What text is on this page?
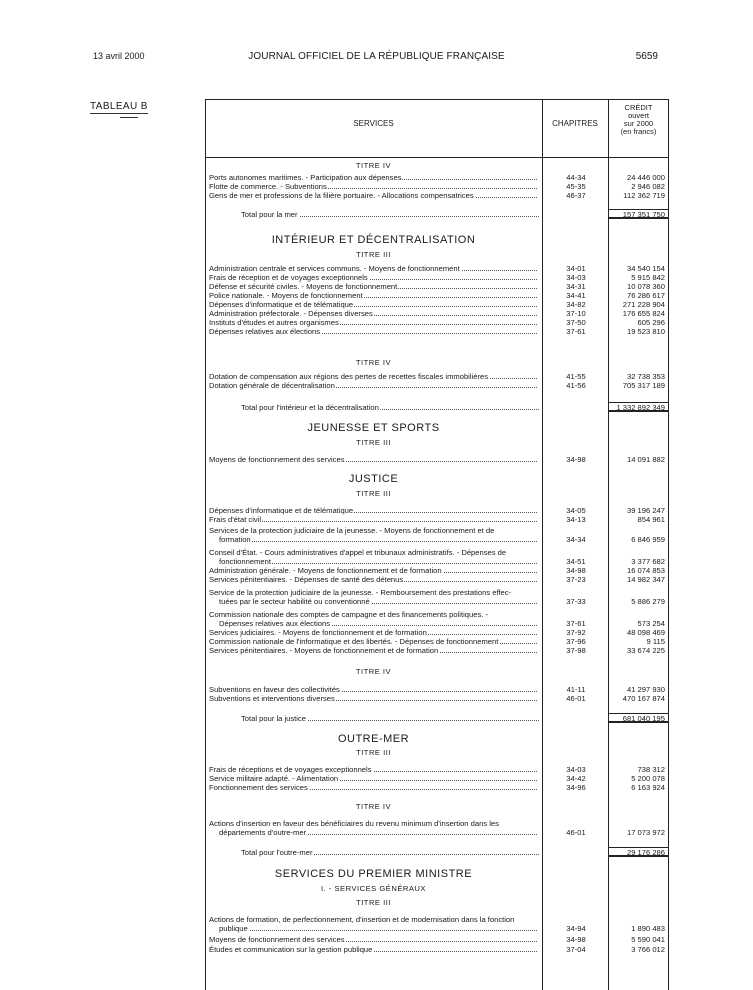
13 avril 2000	JOURNAL OFFICIEL DE LA RÉPUBLIQUE FRANÇAISE	5659
TABLEAU B
SERVICES	CHAPITRES
CRÉDIT
ouvert
sur 2000
(en francs)
TITRE IV
Ports autonomes maritimes. - Participation aux dépenses	44-34	24 446 000
Flotte de commerce. - Subventions	45-35	2 946 082
Gens de mer et professions de la filière portuaire. - Allocations compensatrices	46-37	112 362 719
Total pour la mer	157 351 750
INTÉRIEUR ET DÉCENTRALISATION
TITRE III
Administration centrale et services communs. - Moyens de fonctionnement	34-01	34 540 154
Frais de réception et de voyages exceptionnels	34-03	5 915 842
Défense et sécurité civiles. - Moyens de fonctionnement	34-31	10 078 360
Police nationale. - Moyens de fonctionnement	34-41	76 286 617
Dépenses d'informatique et de télématique	34-82	271 228 904
Administration préfectorale. - Dépenses diverses	37-10	176 655 824
Instituts d'études et autres organismes	37-50	605 296
Dépenses relatives aux élections	37-61	19 523 810
TITRE IV
Dotation de compensation aux régions des pertes de recettes fiscales immobilières	41-55	32 738 353
Dotation générale de décentralisation	41-56	705 317 189
Total pour l'intérieur et la décentralisation	1 332 892 349
JEUNESSE ET SPORTS
TITRE III
Moyens de fonctionnement des services	34-98	14 091 882
JUSTICE
TITRE III
Dépenses d'informatique et de télématique	34-05	39 196 247
Frais d'état civil	34-13	854 961
Services de la protection judiciaire de la jeunesse. - Moyens de fonctionnement et de
formation	34-34	6 846 959
Conseil d'État. - Cours administratives d'appel et tribunaux administratifs. - Dépenses de
fonctionnement	34-51	3 377 682
Administration générale. - Moyens de fonctionnement et de formation	34-98	16 074 853
Services pénitentiaires. - Dépenses de santé des détenus	37-23	14 982 347
Service de la protection judiciaire de la jeunesse. - Remboursement des prestations effec-
tuées par le secteur habilité ou conventionné	37-33	5 886 279
Commission nationale des comptes de campagne et des financements politiques. -
Dépenses relatives aux élections	37-61	573 254
Services judiciaires. - Moyens de fonctionnement et de formation	37-92	48 098 469
Commission nationale de l'informatique et des libertés. - Dépenses de fonctionnement	37-96	9 115
Services pénitentiaires. - Moyens de fonctionnement et de formation	37-98	33 674 225
TITRE IV
Subventions en faveur des collectivités	41-11	41 297 930
Subventions et interventions diverses	46-01	470 167 874
Total pour la justice	681 040 195
OUTRE-MER
TITRE III
Frais de réceptions et de voyages exceptionnels	34-03	738 312
Service militaire adapté. - Alimentation	34-42	5 200 078
Fonctionnement des services	34-96	6 163 924
TITRE IV
Actions d'insertion en faveur des bénéficiaires du revenu minimum d'insertion dans les
départements d'outre-mer	46-01	17 073 972
Total pour l'outre-mer	29 176 286
SERVICES DU PREMIER MINISTRE
I. - SERVICES GÉNÉRAUX
TITRE III
Actions de formation, de perfectionnement, d'insertion et de modernisation dans la fonction
publique	34-94	1 890 483
Moyens de fonctionnement des services	34-98	5 590 041
Études et communication sur la gestion publique	37-04	3 766 012
